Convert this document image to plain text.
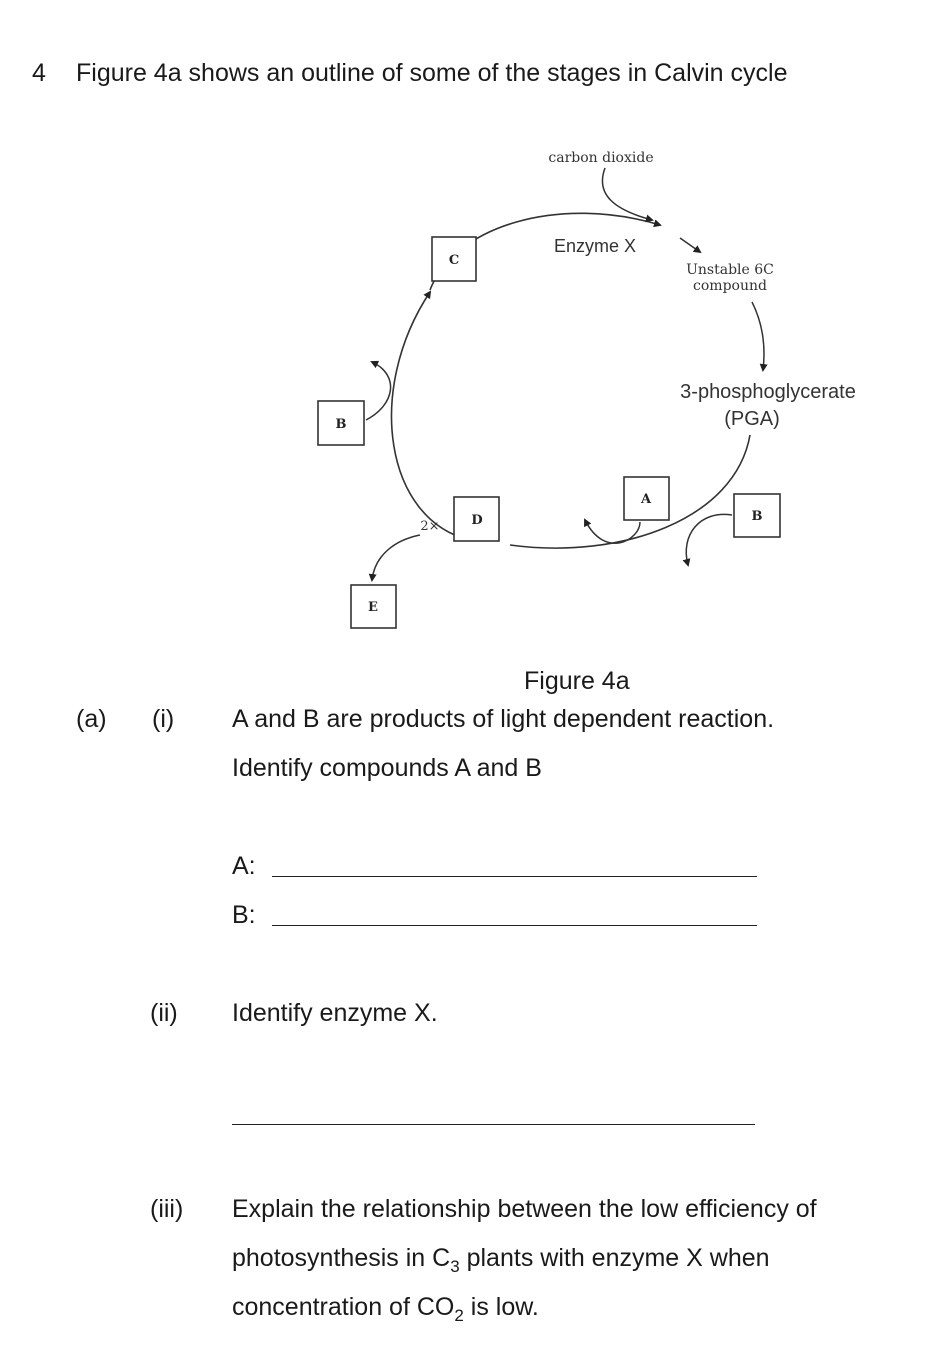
4 Figure 4a shows an outline of some of the stages in Calvin cycle
C
B
A
D	B
E
carbon dioxide
Enzyme X
Unstable 6C
compound
3-phosphoglycerate
(PGA)
2×
Figure 4a
(a) (i) A and B are products of light dependent reaction.
Identify compounds A and B
A:
B:
(ii) Identify enzyme X.
(iii) Explain the relationship between the low efficiency of
photosynthesis in $C_3$ plants with enzyme X when
concentration of $CO_2$ is low.
